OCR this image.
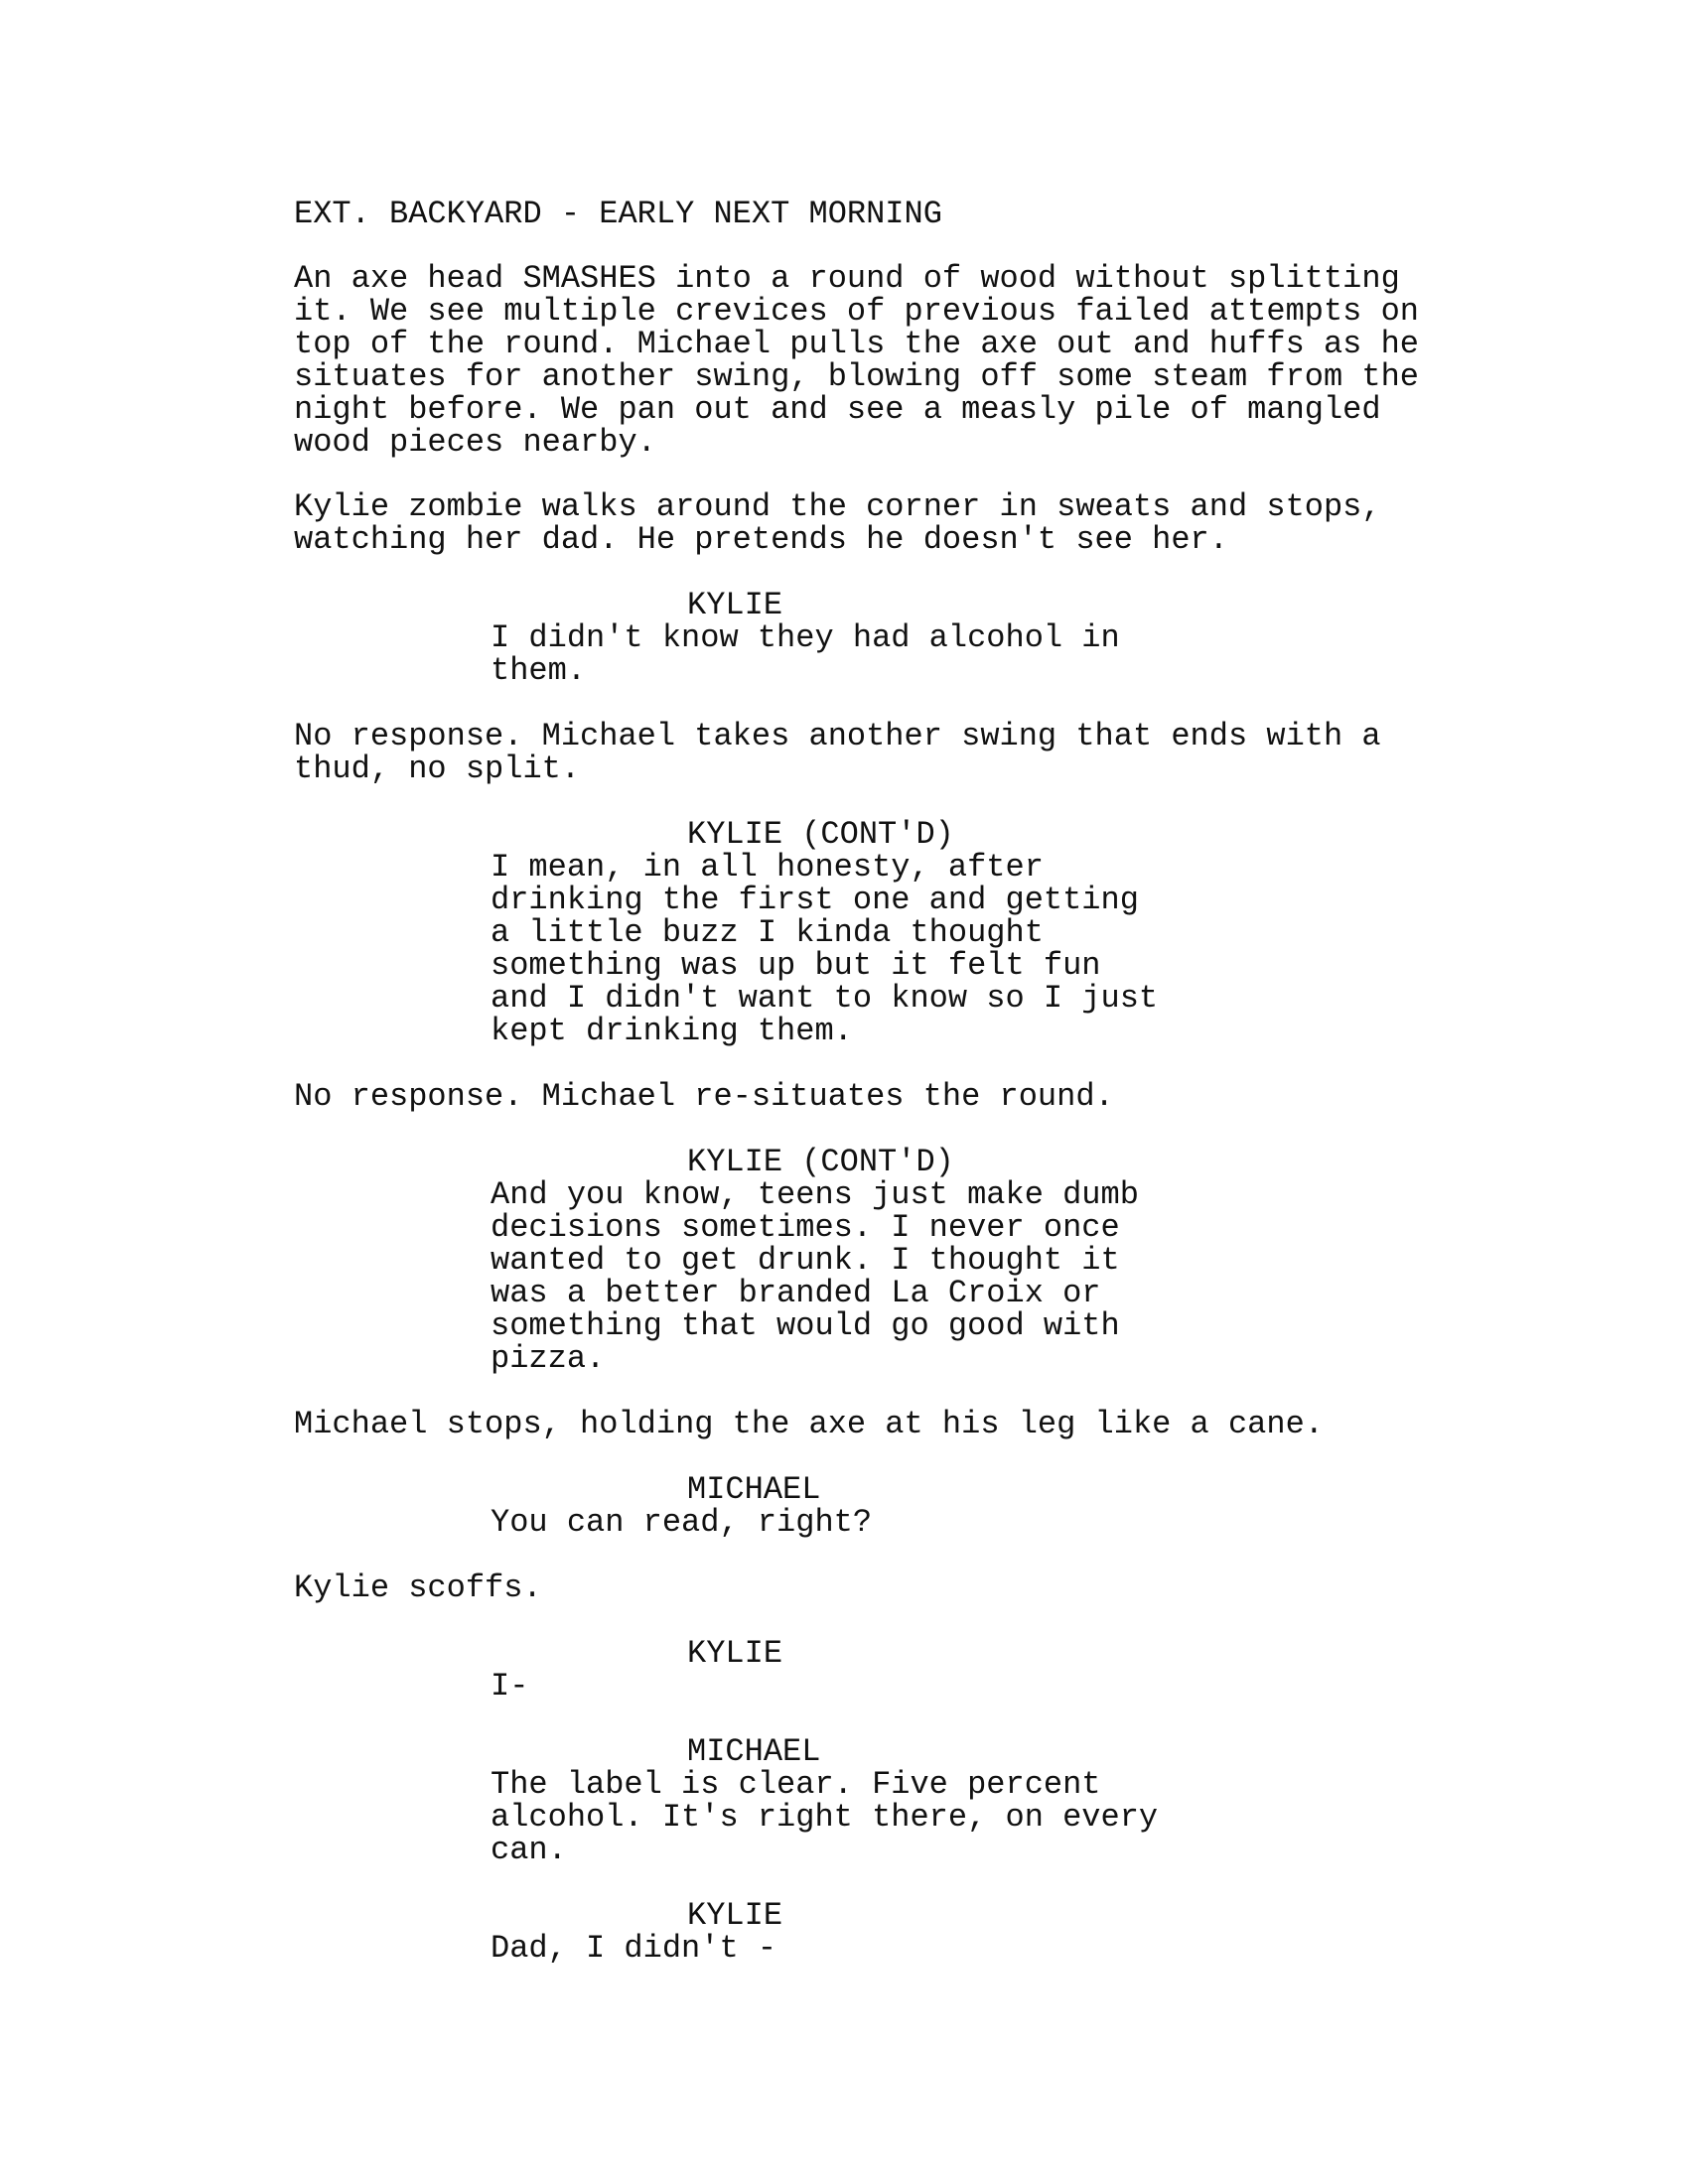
EXT. BACKYARD - EARLY NEXT MORNING
An axe head SMASHES into a round of wood without splitting
it. We see multiple crevices of previous failed attempts on
top of the round. Michael pulls the axe out and huffs as he
situates for another swing, blowing off some steam from the
night before. We pan out and see a measly pile of mangled
wood pieces nearby.
Kylie zombie walks around the corner in sweats and stops,
watching her dad. He pretends he doesn't see her.
KYLIE
I didn't know they had alcohol in
them.
No response. Michael takes another swing that ends with a
thud, no split.
KYLIE (CONT'D)
I mean, in all honesty, after
drinking the first one and getting
a little buzz I kinda thought
something was up but it felt fun
and I didn't want to know so I just
kept drinking them.
No response. Michael re-situates the round.
KYLIE (CONT'D)
And you know, teens just make dumb
decisions sometimes. I never once
wanted to get drunk. I thought it
was a better branded La Croix or
something that would go good with
pizza.
Michael stops, holding the axe at his leg like a cane.
MICHAEL
You can read, right?
Kylie scoffs.
KYLIE
I-
MICHAEL
The label is clear. Five percent
alcohol. It's right there, on every
can.
KYLIE
Dad, I didn't -
